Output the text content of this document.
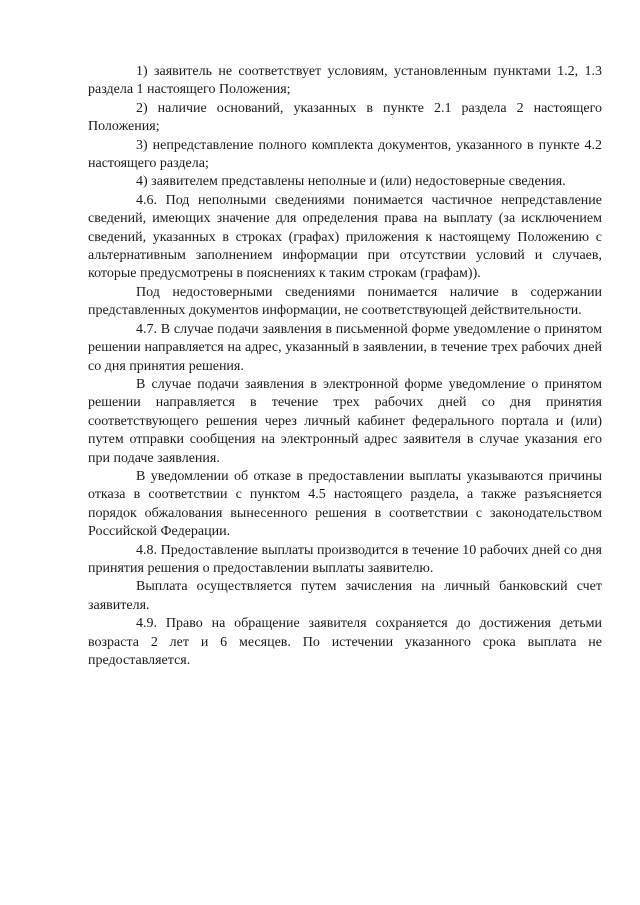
1) заявитель не соответствует условиям, установленным пунктами 1.2, 1.3 раздела 1 настоящего Положения;

2) наличие оснований, указанных в пункте 2.1 раздела 2 настоящего Положения;

3) непредставление полного комплекта документов, указанного в пункте 4.2 настоящего раздела;

4) заявителем представлены неполные и (или) недостоверные сведения.

4.6. Под неполными сведениями понимается частичное непредставление сведений, имеющих значение для определения права на выплату (за исключением сведений, указанных в строках (графах) приложения к настоящему Положению с альтернативным заполнением информации при отсутствии условий и случаев, которые предусмотрены в пояснениях к таким строкам (графам)).

Под недостоверными сведениями понимается наличие в содержании представленных документов информации, не соответствующей действительности.

4.7. В случае подачи заявления в письменной форме уведомление о принятом решении направляется на адрес, указанный в заявлении, в течение трех рабочих дней со дня принятия решения.

В случае подачи заявления в электронной форме уведомление о принятом решении направляется в течение трех рабочих дней со дня принятия соответствующего решения через личный кабинет федерального портала и (или) путем отправки сообщения на электронный адрес заявителя в случае указания его при подаче заявления.

В уведомлении об отказе в предоставлении выплаты указываются причины отказа в соответствии с пунктом 4.5 настоящего раздела, а также разъясняется порядок обжалования вынесенного решения в соответствии с законодательством Российской Федерации.

4.8. Предоставление выплаты производится в течение 10 рабочих дней со дня принятия решения о предоставлении выплаты заявителю.

Выплата осуществляется путем зачисления на личный банковский счет заявителя.

4.9. Право на обращение заявителя сохраняется до достижения детьми возраста 2 лет и 6 месяцев. По истечении указанного срока выплата не предоставляется.
